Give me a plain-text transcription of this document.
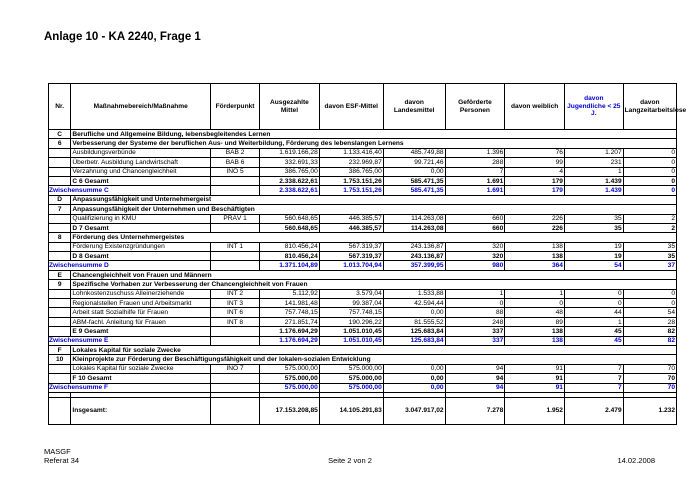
Anlage 10 - KA 2240, Frage 1
Nr.	Maßnahmebereich/Maßnahme	Förderpunkt	Ausgezahlte Mittel	davon ESF-Mittel	davon Landesmittel	Geförderte Personen	davon weiblich	davon Jugendliche < 25 J.	davon Langzeitarbeitslose
C	Berufliche und Allgemeine Bildung, lebensbegleitendes Lernen								
6	Verbesserung der Systeme der beruflichen Aus- und Weiterbildung, Förderung des lebenslangen Lernens								
	Ausbildungsverbünde	BAB 2	1.619.166,28	1.133.416,40	485.749,88	1.396	76	1.207	0
	Überbetr. Ausbildung Landwirtschaft	BAB 6	332.691,33	232.969,87	99.721,46	288	99	231	0
	Verzahnung und Chancengleichheit	INO 5	386.765,00	386.765,00	0,00	7	4	1	0
	C 6 Gesamt		2.338.622,61	1.753.151,26	585.471,35	1.691	179	1.439	0
Zwischensumme C			2.338.622,61	1.753.151,26	585.471,35	1.691	179	1.439	0
D	Anpassungsfähigkeit und Unternehmergeist								
7	Anpassungsfähigkeit der Unternehmen und Beschäftigten								
	Qualifizierung in KMU	PRÄV 1	560.648,65	446.385,57	114.263,08	660	226	35	2
	D 7 Gesamt		560.648,65	446.385,57	114.263,08	660	226	35	2
8	Förderung des Unternehmergeistes								
	Förderung Existenzgründungen	INT 1	810.456,24	567.319,37	243.136,87	320	138	19	35
	D 8 Gesamt		810.456,24	567.319,37	243.136,87	320	138	19	35
Zwischensumme D			1.371.104,89	1.013.704,94	357.399,95	980	364	54	37
E	Chancengleichheit von Frauen und Männern								
9	Spezifische Vorhaben zur Verbesserung der Chancengleichheit von Frauen								
	Lohnkostenzuschuss Alleinerziehende	INT 2	5.112,92	3.579,04	1.533,88	1	1	0	0
	Regionalstellen Frauen und Arbeitsmarkt	INT 3	141.981,48	99.387,04	42.594,44	0	0	0	0
	Arbeit statt Sozialhilfe für Frauen	INT 6	757.748,15	757.748,15	0,00	88	48	44	54
	ABM-fachl. Anleitung für Frauen	INT 8	271.851,74	190.296,22	81.555,52	248	89	1	28
	E 9 Gesamt		1.176.694,29	1.051.010,45	125.683,84	337	138	45	82
Zwischensumme E			1.176.694,29	1.051.010,45	125.683,84	337	138	45	82
F	Lokales Kapital für soziale Zwecke								
10	Kleinprojekte zur Förderung der Beschäftigungsfähigkeit und der lokalen-sozialen Entwicklung								
	Lokales Kapital für soziale Zwecke	INO 7	575.000,00	575.000,00	0,00	94	91	7	70
	F 10 Gesamt		575.000,00	575.000,00	0,00	94	91	7	70
Zwischensumme F			575.000,00	575.000,00	0,00	94	91	7	70

	Insgesamt:		17.153.208,85	14.105.291,83	3.047.917,02	7.278	1.952	2.479	1.232
MASGF
Referat 34	Seite 2 von 2	14.02.2008
